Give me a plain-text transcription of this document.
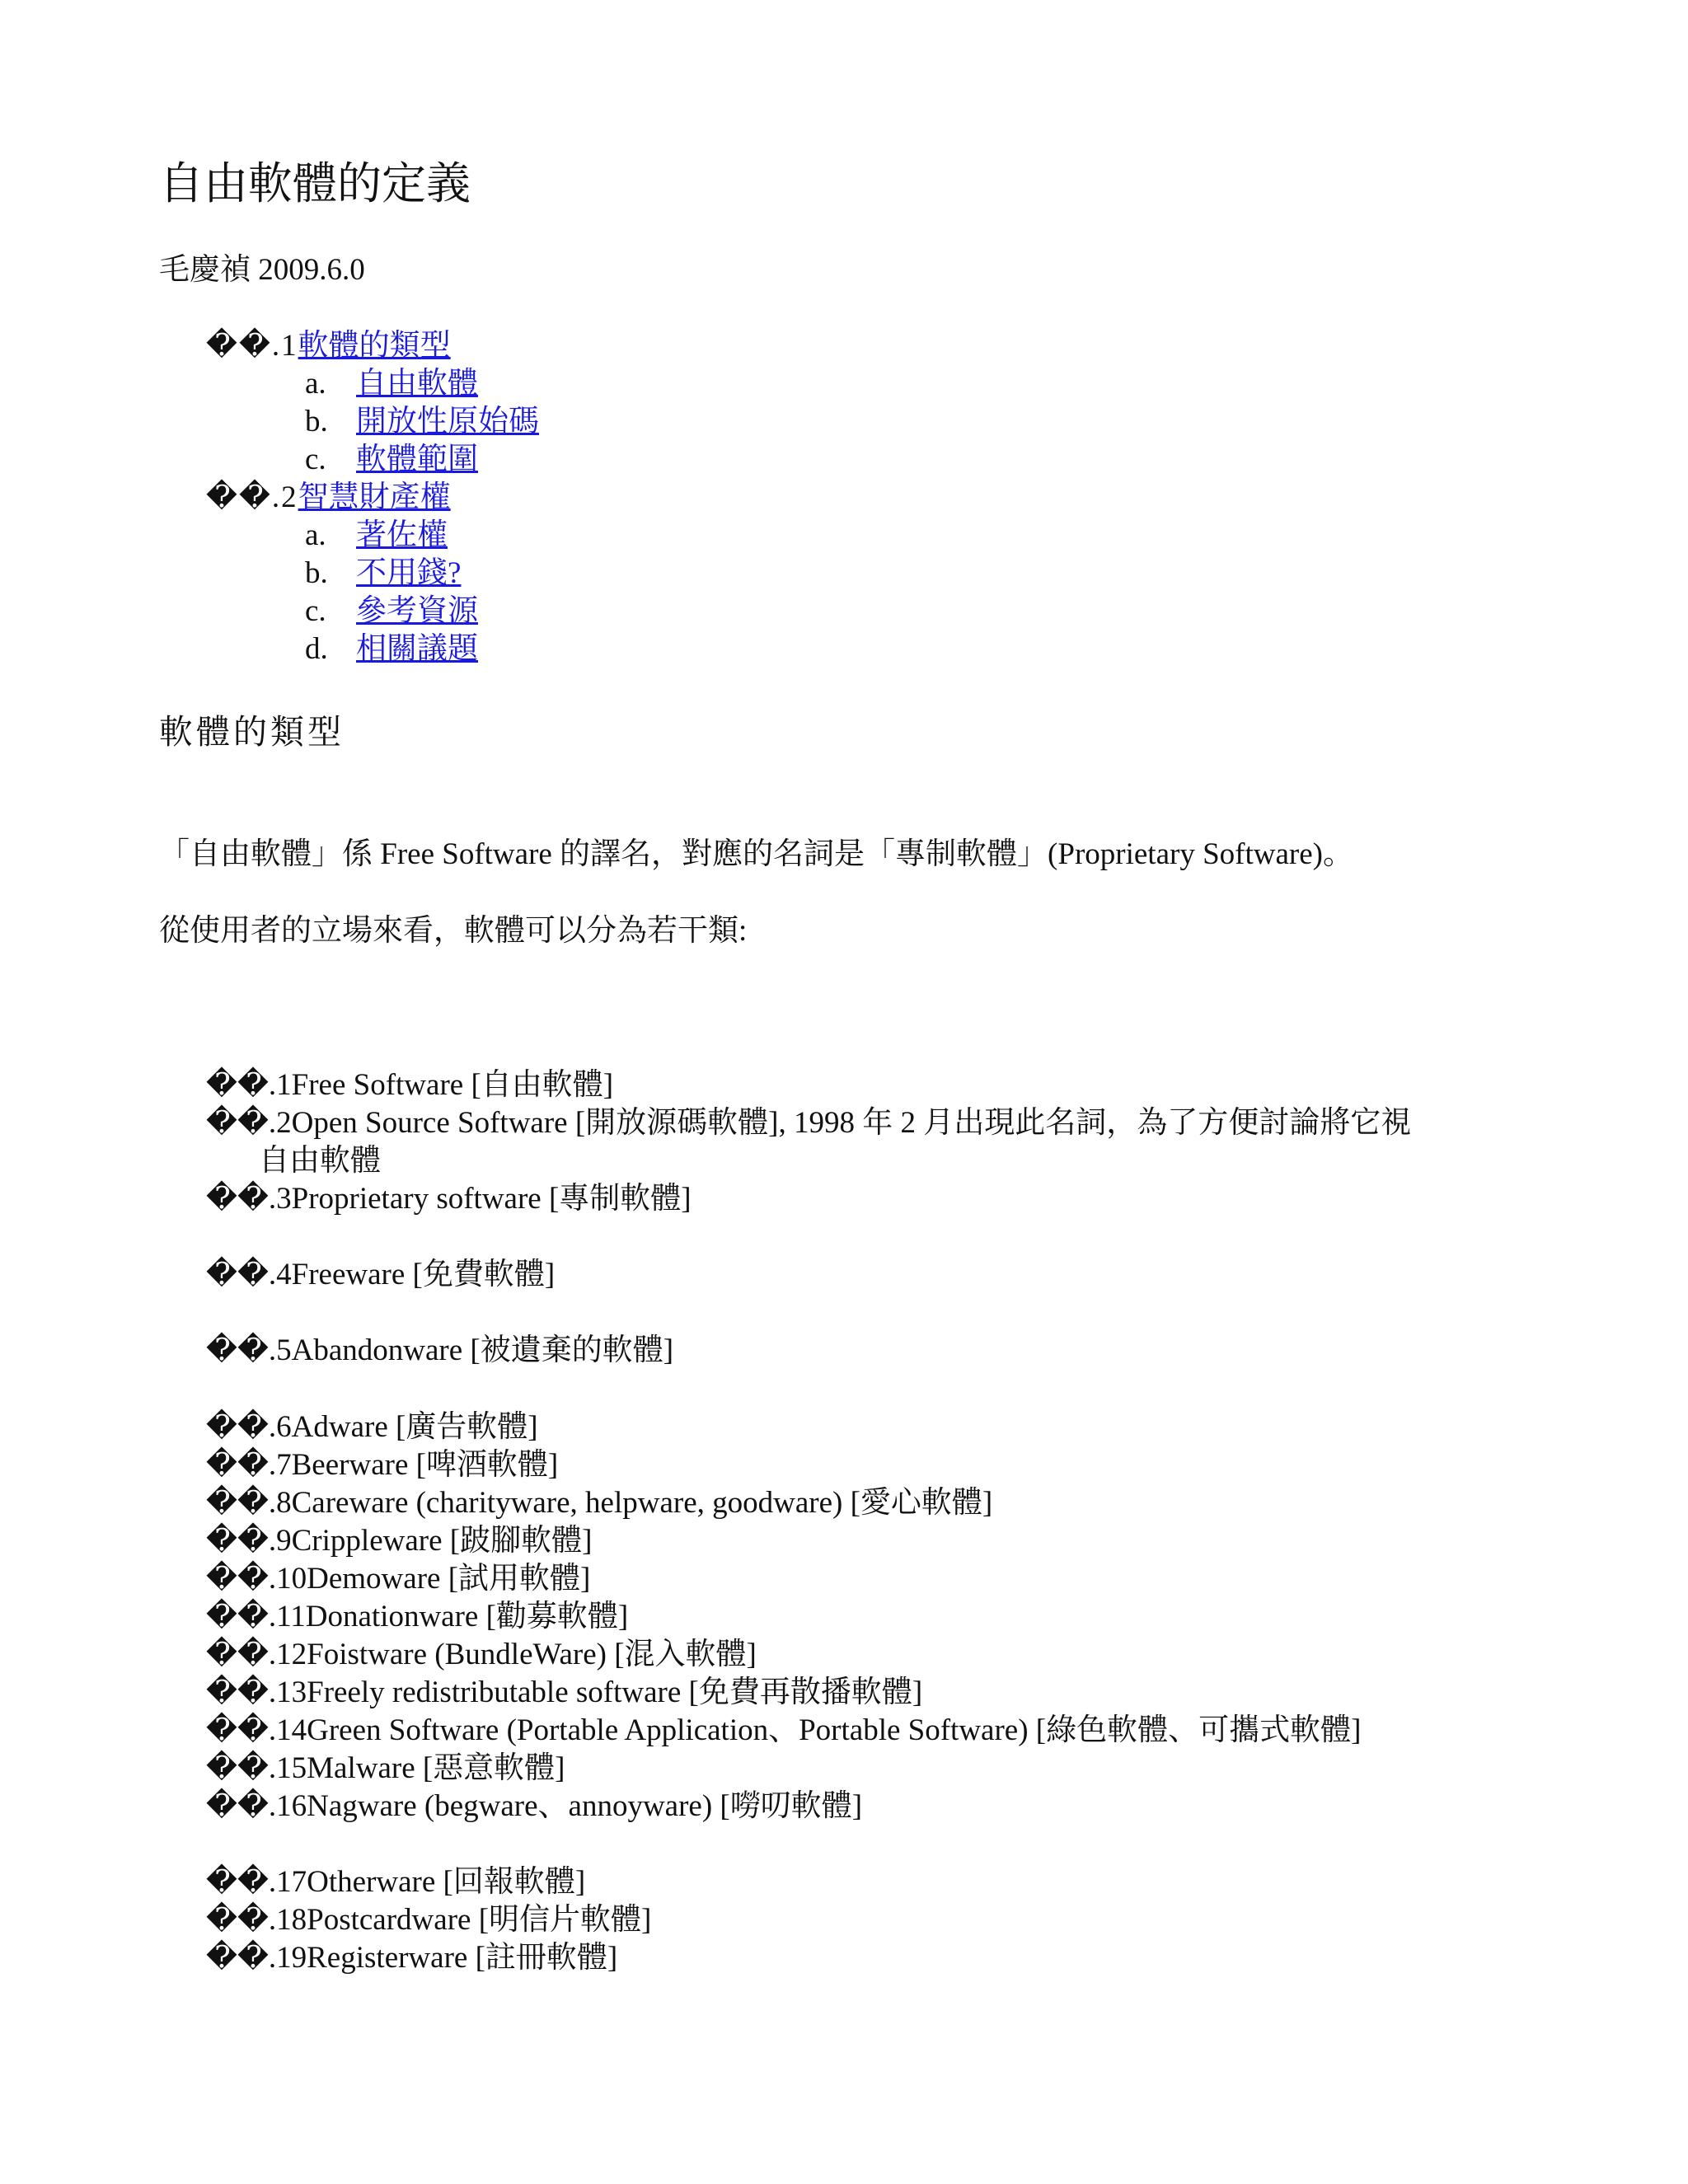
自由軟體的定義
毛慶禎 2009.6.0
��.1軟體的類型
a. 自由軟體
b. 開放性原始碼
c. 軟體範圍
��.2智慧財產權
a. 著佐權
b. 不用錢?
c. 參考資源
d. 相關議題
軟體的類型
「自由軟體」係 Free Software 的譯名，對應的名詞是「專制軟體」(Proprietary Software)。
從使用者的立場來看，軟體可以分為若干類:
��.1Free Software [自由軟體]
��.2Open Source Software [開放源碼軟體], 1998 年 2 月出現此名詞，為了方便討論將它視
自由軟體
��.3Proprietary software [專制軟體]
��.4Freeware [免費軟體]
��.5Abandonware [被遺棄的軟體]
��.6Adware [廣告軟體]
��.7Beerware [啤酒軟體]
��.8Careware (charityware, helpware, goodware) [愛心軟體]
��.9Crippleware [跛腳軟體]
��.10Demoware [試用軟體]
��.11Donationware [勸募軟體]
��.12Foistware (BundleWare) [混入軟體]
��.13Freely redistributable software [免費再散播軟體]
��.14Green Software (Portable Application、Portable Software) [綠色軟體、可攜式軟體]
��.15Malware [惡意軟體]
��.16Nagware (begware、annoyware) [嘮叨軟體]
��.17Otherware [回報軟體]
��.18Postcardware [明信片軟體]
��.19Registerware [註冊軟體]
